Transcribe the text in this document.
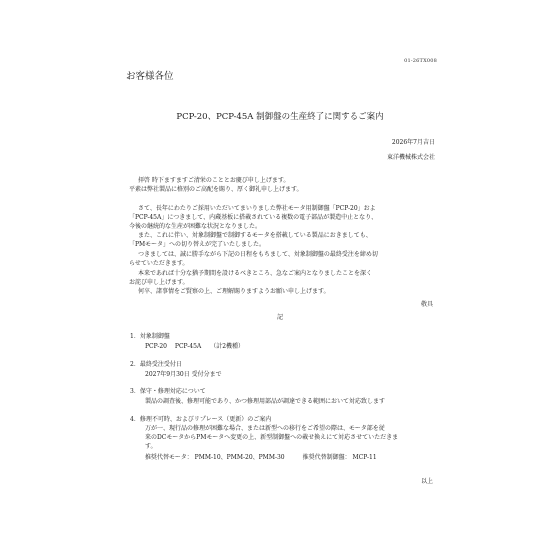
01-26TX008
お客様各位
PCP-20、PCP-45A 制御盤の生産終了に関するご案内
2026年7月吉日
東洋機械株式会社
拝啓 時下ますますご清栄のこととお慶び申し上げます。
平素は弊社製品に格別のご高配を賜り、厚く御礼申し上げます。
さて、長年にわたりご採用いただいてまいりました弊社モータ用制御盤「PCP-20」およ
「PCP-45A」につきまして、内蔵基板に搭載されている複数の電子部品が製造中止となり、
今後の継続的な生産が困難な状況となりました。
また、これに伴い、対象制御盤で制御するモータを搭載している製品におきましても、
「PMモータ」への切り替えが完了いたしました。
つきましては、誠に勝手ながら下記の日程をもちまして、対象制御盤の最終受注を締め切
らせていただきます。
本来であれば十分な猶予期間を設けるべきところ、急なご案内となりましたことを深く
お詫び申し上げます。
何卒、諸事情をご賢察の上、ご理解賜りますようお願い申し上げます。
敬具
記
1．対象制御盤
PCP-20　 PCP-45A　　（計2機種）
2．最終受注受付日
2027年9月30日 受付分まで
3．保守・修理対応について
製品の調査後、修理可能であり、かつ修理用部品が調達できる範囲において対応致します
4．修理不可時、およびリプレース（更新）のご案内
万が一、現行品の修理が困難な場合、または新型への移行をご希望の際は、モータ部を従
来のDCモータからPMモータへ変更の上、新型制御盤への載せ換えにて対応させていただきま
す。
推奨代替モータ： PMM-10、PMM-20、PMM-30　　　推奨代替制御盤： MCP-11
以上
